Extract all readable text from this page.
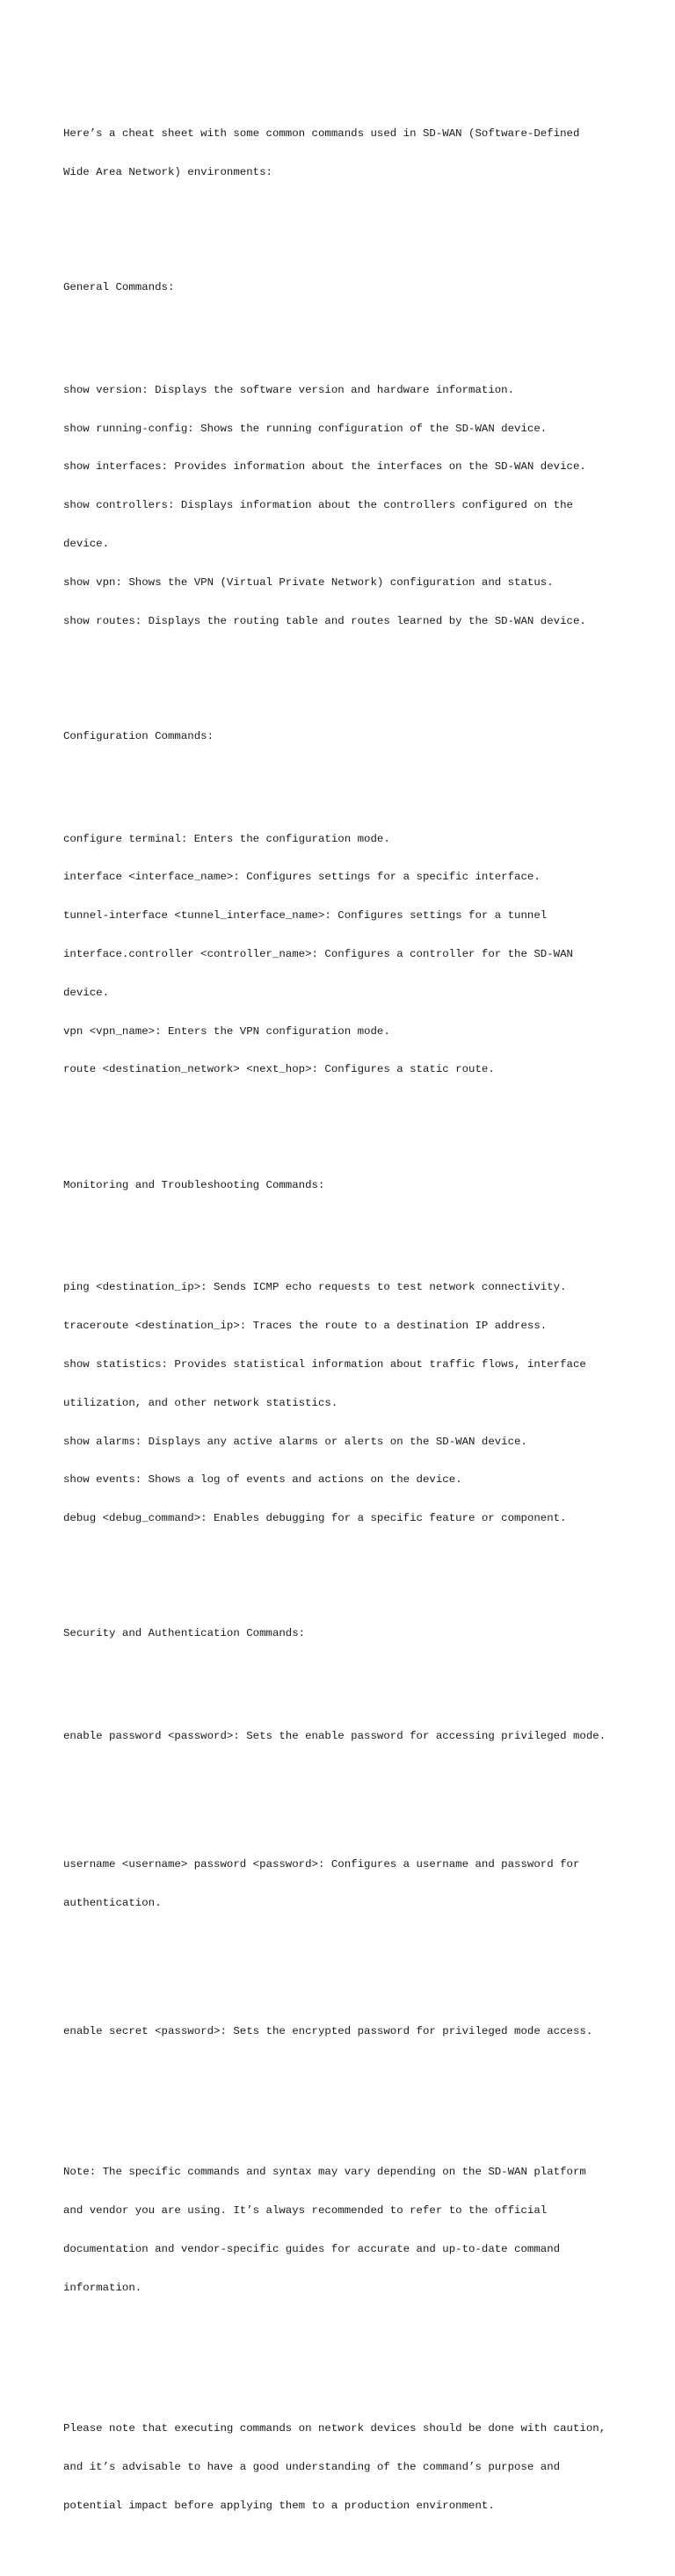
Here’s a cheat sheet with some common commands used in SD-WAN (Software-Defined

Wide Area Network) environments:

General Commands:

show version: Displays the software version and hardware information.

show running-config: Shows the running configuration of the SD-WAN device.

show interfaces: Provides information about the interfaces on the SD-WAN device.

show controllers: Displays information about the controllers configured on the

device.

show vpn: Shows the VPN (Virtual Private Network) configuration and status.

show routes: Displays the routing table and routes learned by the SD-WAN device.

Configuration Commands:

configure terminal: Enters the configuration mode.

interface <interface_name>: Configures settings for a specific interface.

tunnel-interface <tunnel_interface_name>: Configures settings for a tunnel

interface.controller <controller_name>: Configures a controller for the SD-WAN

device.

vpn <vpn_name>: Enters the VPN configuration mode.

route <destination_network> <next_hop>: Configures a static route.

Monitoring and Troubleshooting Commands:

ping <destination_ip>: Sends ICMP echo requests to test network connectivity.

traceroute <destination_ip>: Traces the route to a destination IP address.

show statistics: Provides statistical information about traffic flows, interface

utilization, and other network statistics.

show alarms: Displays any active alarms or alerts on the SD-WAN device.

show events: Shows a log of events and actions on the device.

debug <debug_command>: Enables debugging for a specific feature or component.

Security and Authentication Commands:

enable password <password>: Sets the enable password for accessing privileged mode.

username <username> password <password>: Configures a username and password for

authentication.

enable secret <password>: Sets the encrypted password for privileged mode access.

Note: The specific commands and syntax may vary depending on the SD-WAN platform

and vendor you are using. It’s always recommended to refer to the official

documentation and vendor-specific guides for accurate and up-to-date command

information.

Please note that executing commands on network devices should be done with caution,

and it’s advisable to have a good understanding of the command’s purpose and

potential impact before applying them to a production environment.
